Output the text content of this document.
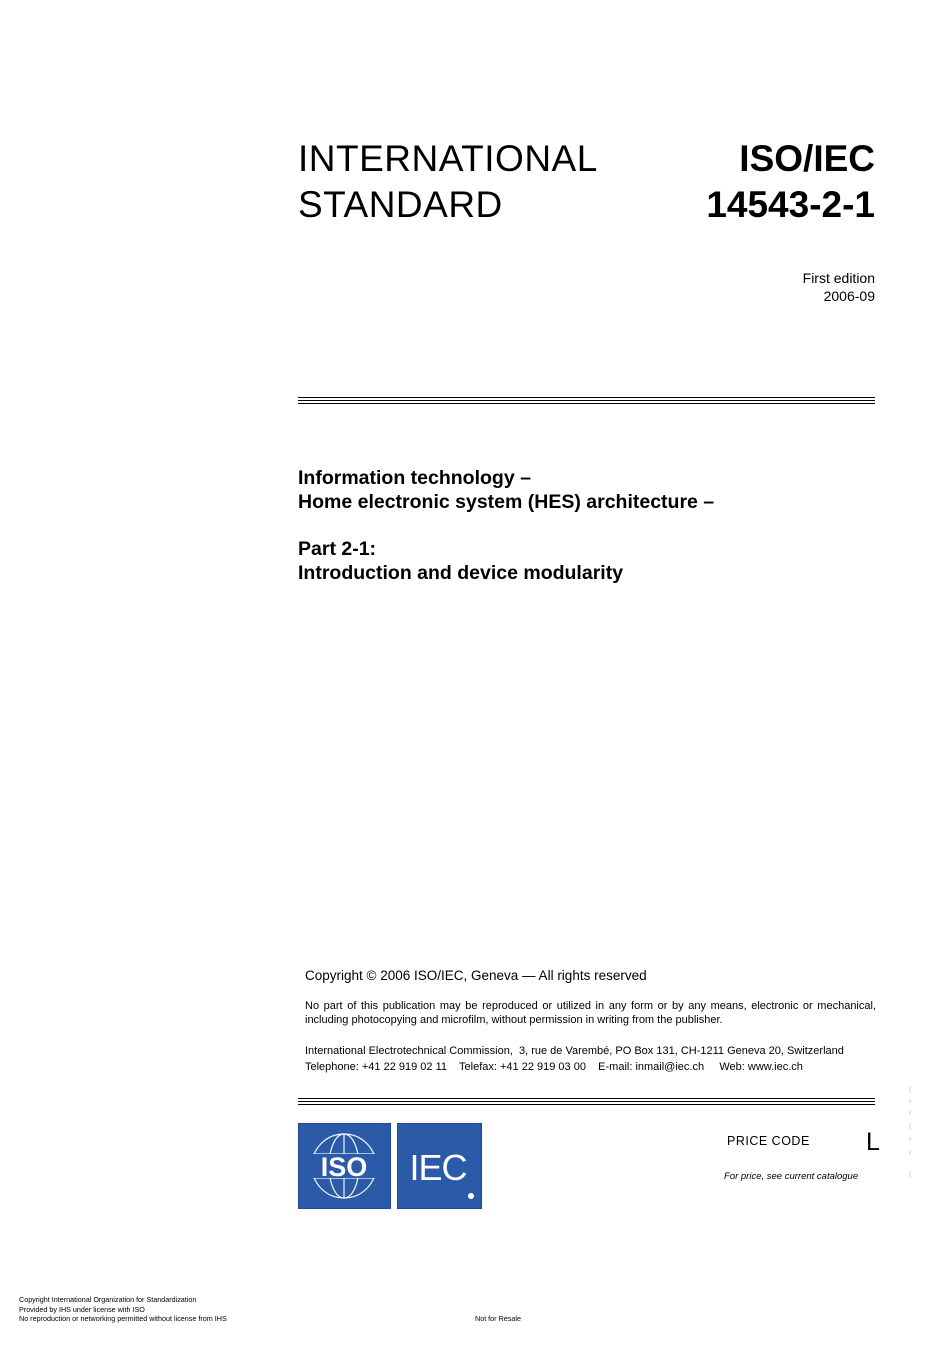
INTERNATIONAL
STANDARD
ISO/IEC
14543-2-1
First edition
2006-09
Information technology –
Home electronic system (HES) architecture –
Part 2-1:
Introduction and device modularity
Copyright © 2006 ISO/IEC, Geneva — All rights reserved
No part of this publication may be reproduced or utilized in any form or by any means, electronic or mechanical, including photocopying and microfilm, without permission in writing from the publisher.
International Electrotechnical Commission,  3, rue de Varembé, PO Box 131, CH-1211 Geneva 20, Switzerland
Telephone: +41 22 919 02 11    Telefax: +41 22 919 03 00    E-mail: inmail@iec.ch     Web: www.iec.ch
ISO IEC
PRICE CODE L
For price, see current catalogue
Copyright International Organization for Standardization
Provided by IHS under license with ISO
No reproduction or networking permitted without license from IHS	Not for Resale
